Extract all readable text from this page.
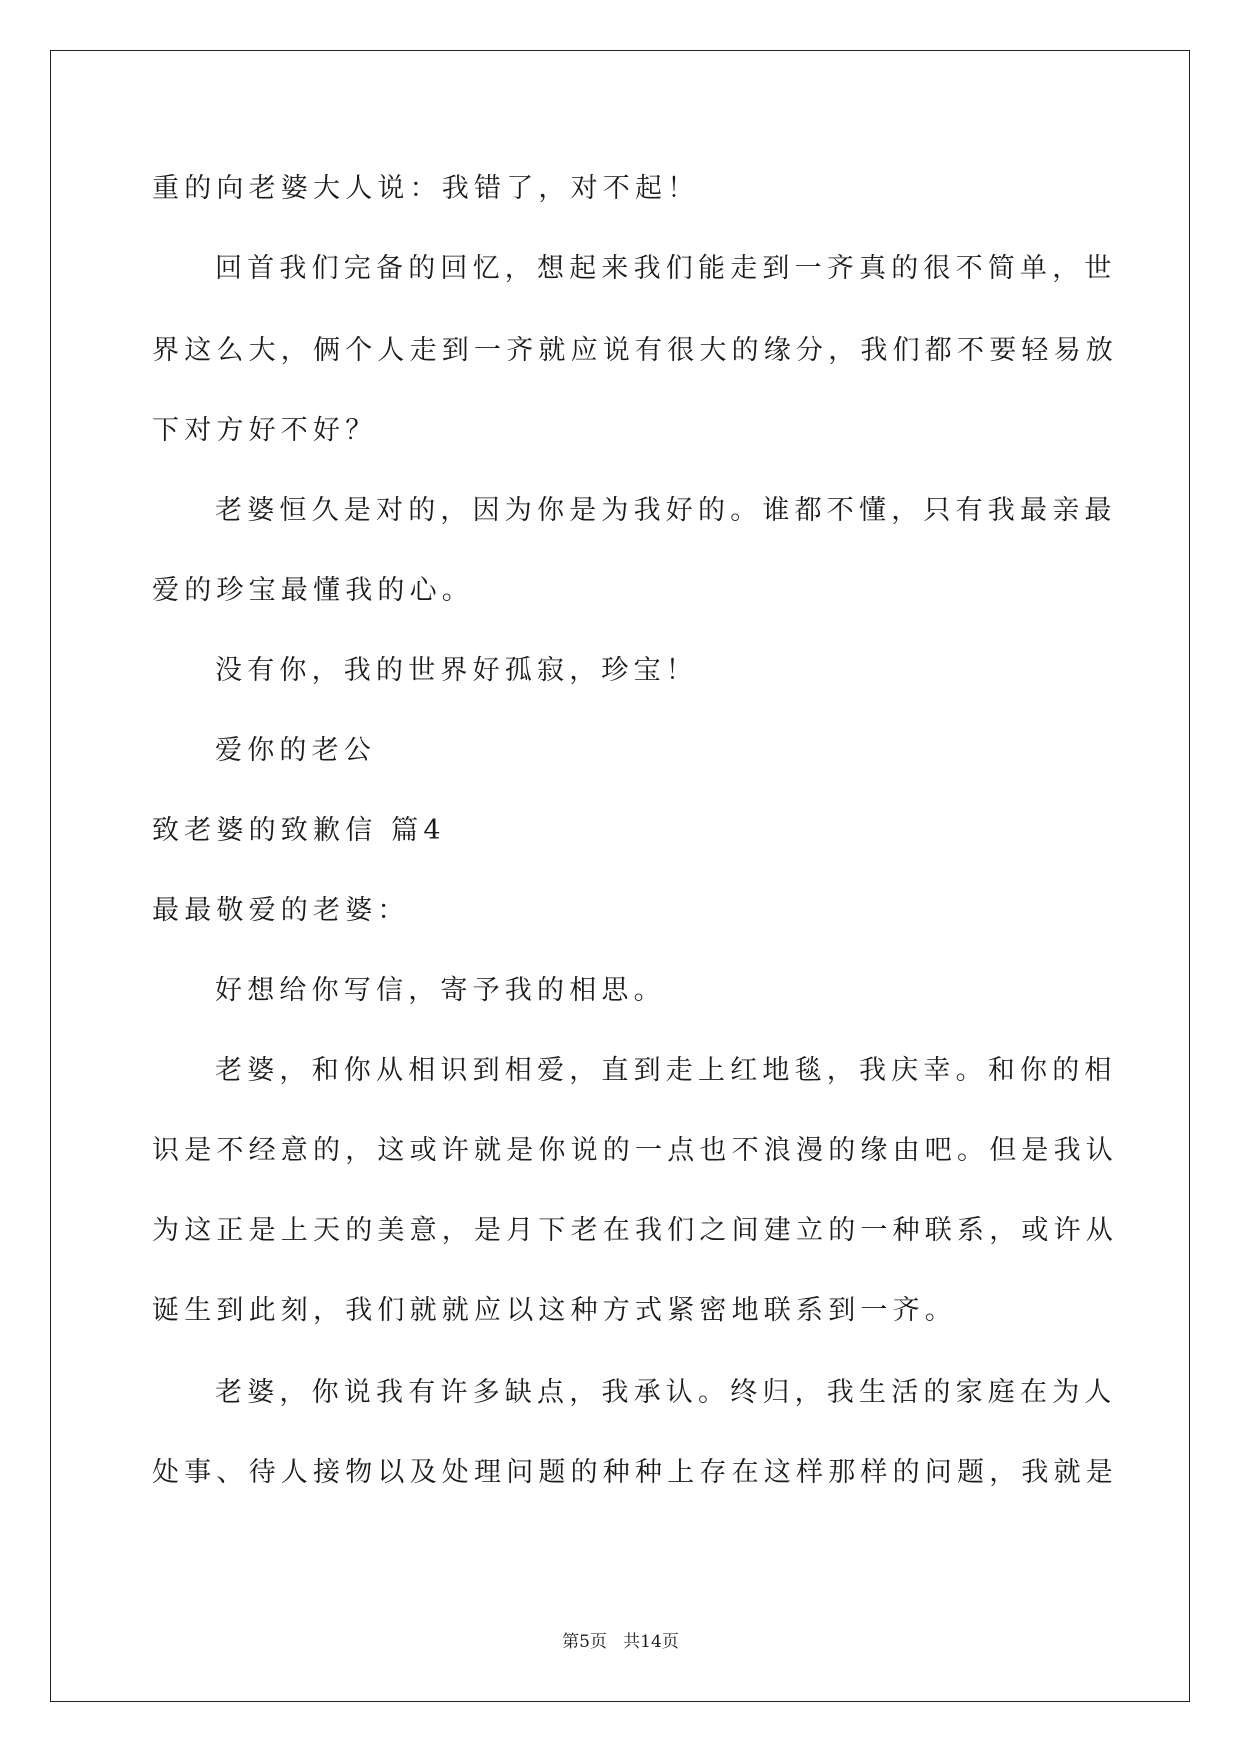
重的向老婆大人说：我错了，对不起！

回首我们完备的回忆，想起来我们能走到一齐真的很不简单，世

界这么大，俩个人走到一齐就应说有很大的缘分，我们都不要轻易放

下对方好不好？

老婆恒久是对的，因为你是为我好的。谁都不懂，只有我最亲最

爱的珍宝最懂我的心。

没有你，我的世界好孤寂，珍宝！

爱你的老公

致老婆的致歉信 篇4

最最敬爱的老婆：

好想给你写信，寄予我的相思。

老婆，和你从相识到相爱，直到走上红地毯，我庆幸。和你的相

识是不经意的，这或许就是你说的一点也不浪漫的缘由吧。但是我认

为这正是上天的美意，是月下老在我们之间建立的一种联系，或许从

诞生到此刻，我们就就应以这种方式紧密地联系到一齐。

老婆，你说我有许多缺点，我承认。终归，我生活的家庭在为人

处事、待人接物以及处理问题的种种上存在这样那样的问题，我就是

第5页   共14页
